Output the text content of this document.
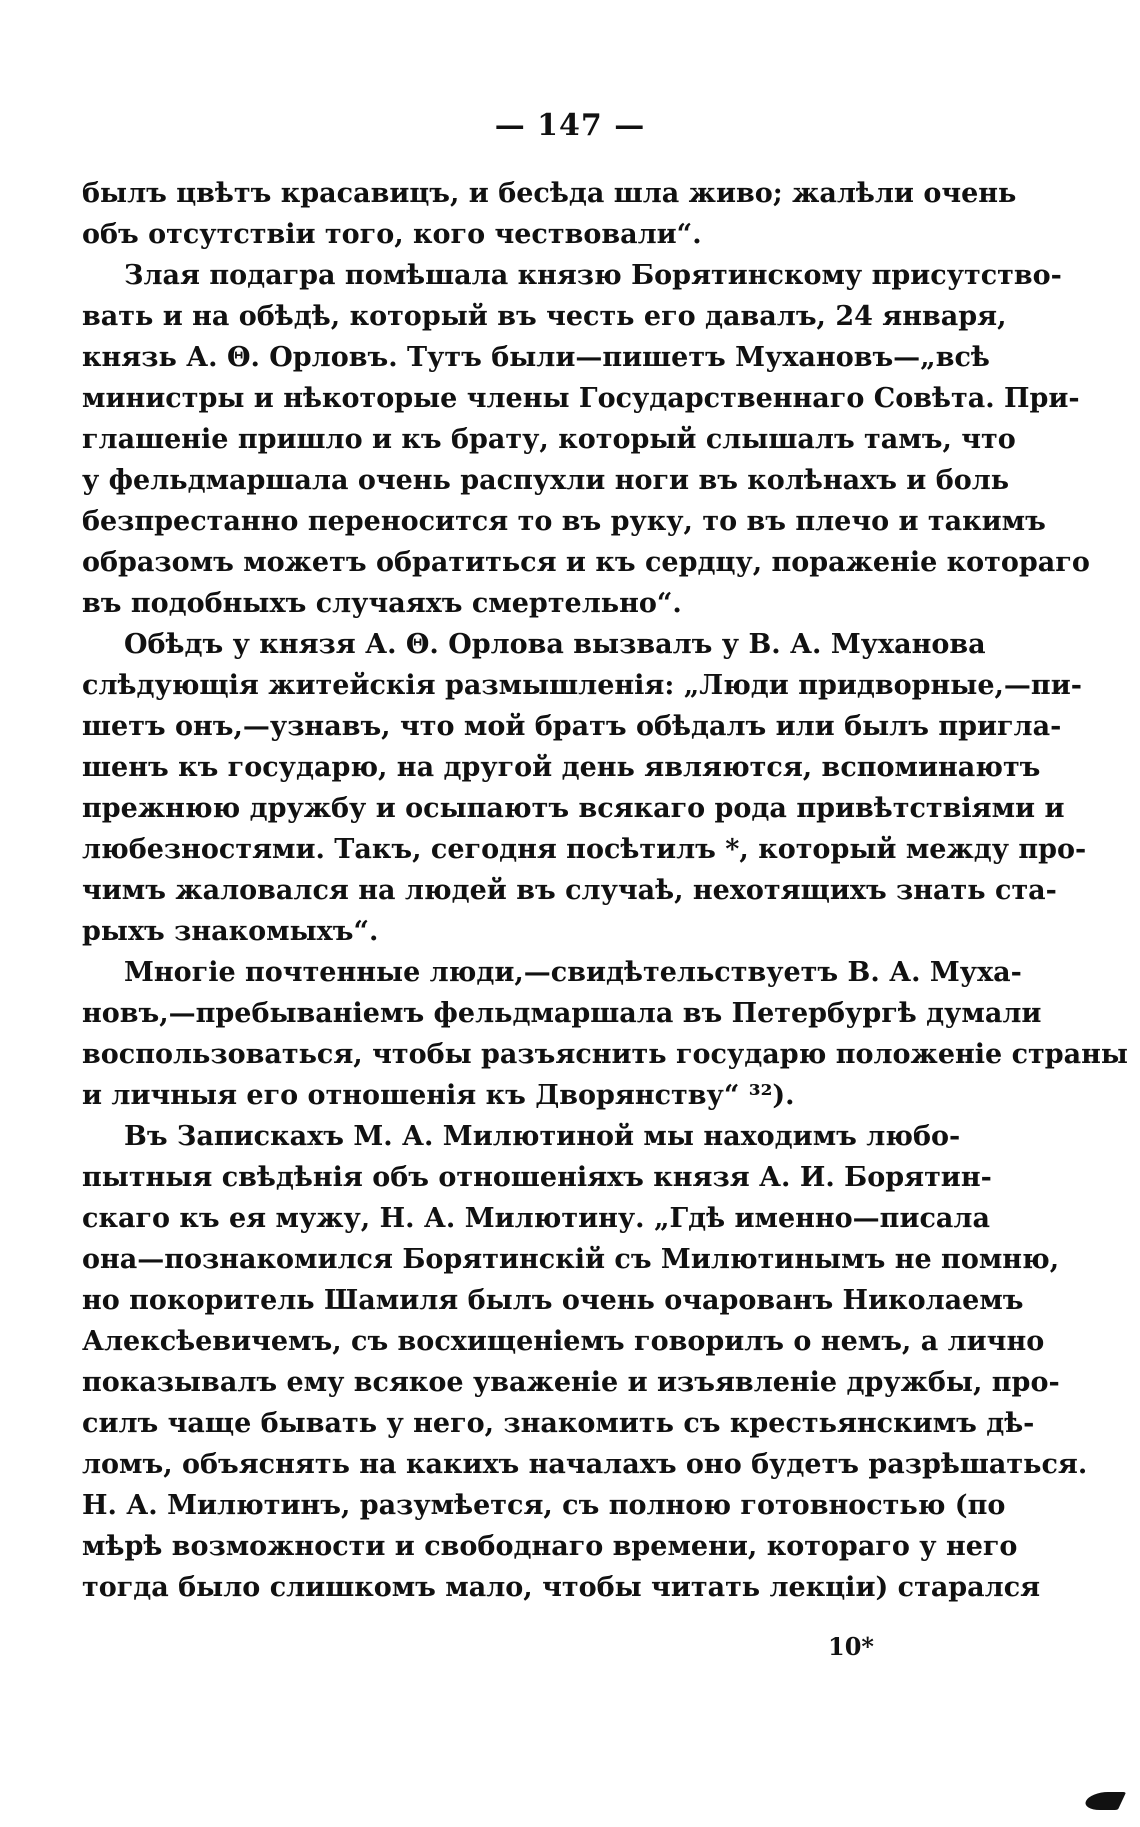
— 147 —
былъ цвѣтъ красавицъ, и бесѣда шла живо; жалѣли очень
объ отсутствіи того, кого чествовали“.
Злая подагра помѣшала князю Борятинскому присутство-
вать и на обѣдѣ, который въ честь его давалъ, 24 января,
князь А. Θ. Орловъ. Тутъ были—пишетъ Мухановъ—„всѣ
министры и нѣкоторые члены Государственнаго Совѣта. При-
глашеніе пришло и къ брату, который слышалъ тамъ, что
у фельдмаршала очень распухли ноги въ колѣнахъ и боль
безпрестанно переносится то въ руку, то въ плечо и такимъ
образомъ можетъ обратиться и къ сердцу, пораженіе котораго
въ подобныхъ случаяхъ смертельно“.
Обѣдъ у князя А. Θ. Орлова вызвалъ у В. А. Муханова
слѣдующія житейскія размышленія: „Люди придворные,—пи-
шетъ онъ,—узнавъ, что мой братъ обѣдалъ или былъ пригла-
шенъ къ государю, на другой день являются, вспоминаютъ
прежнюю дружбу и осыпаютъ всякаго рода привѣтствіями и
любезностями. Такъ, сегодня посѣтилъ *, который между про-
чимъ жаловался на людей въ случаѣ, нехотящихъ знать ста-
рыхъ знакомыхъ“.
Многіе почтенные люди,—свидѣтельствуетъ В. А. Муха-
новъ,—пребываніемъ фельдмаршала въ Петербургѣ думали
воспользоваться, чтобы разъяснить государю положеніе страны
и личныя его отношенія къ Дворянству“ ³²).
Въ Запискахъ М. А. Милютиной мы находимъ любо-
пытныя свѣдѣнія объ отношеніяхъ князя А. И. Борятин-
скаго къ ея мужу, Н. А. Милютину. „Гдѣ именно—писала
она—познакомился Борятинскій съ Милютинымъ не помню,
но покоритель Шамиля былъ очень очарованъ Николаемъ
Алексѣевичемъ, съ восхищеніемъ говорилъ о немъ, а лично
показывалъ ему всякое уваженіе и изъявленіе дружбы, про-
силъ чаще бывать у него, знакомить съ крестьянскимъ дѣ-
ломъ, объяснять на какихъ началахъ оно будетъ разрѣшаться.
Н. А. Милютинъ, разумѣется, съ полною готовностью (по
мѣрѣ возможности и свободнаго времени, котораго у него
тогда было слишкомъ мало, чтобы читать лекціи) старался
10*
